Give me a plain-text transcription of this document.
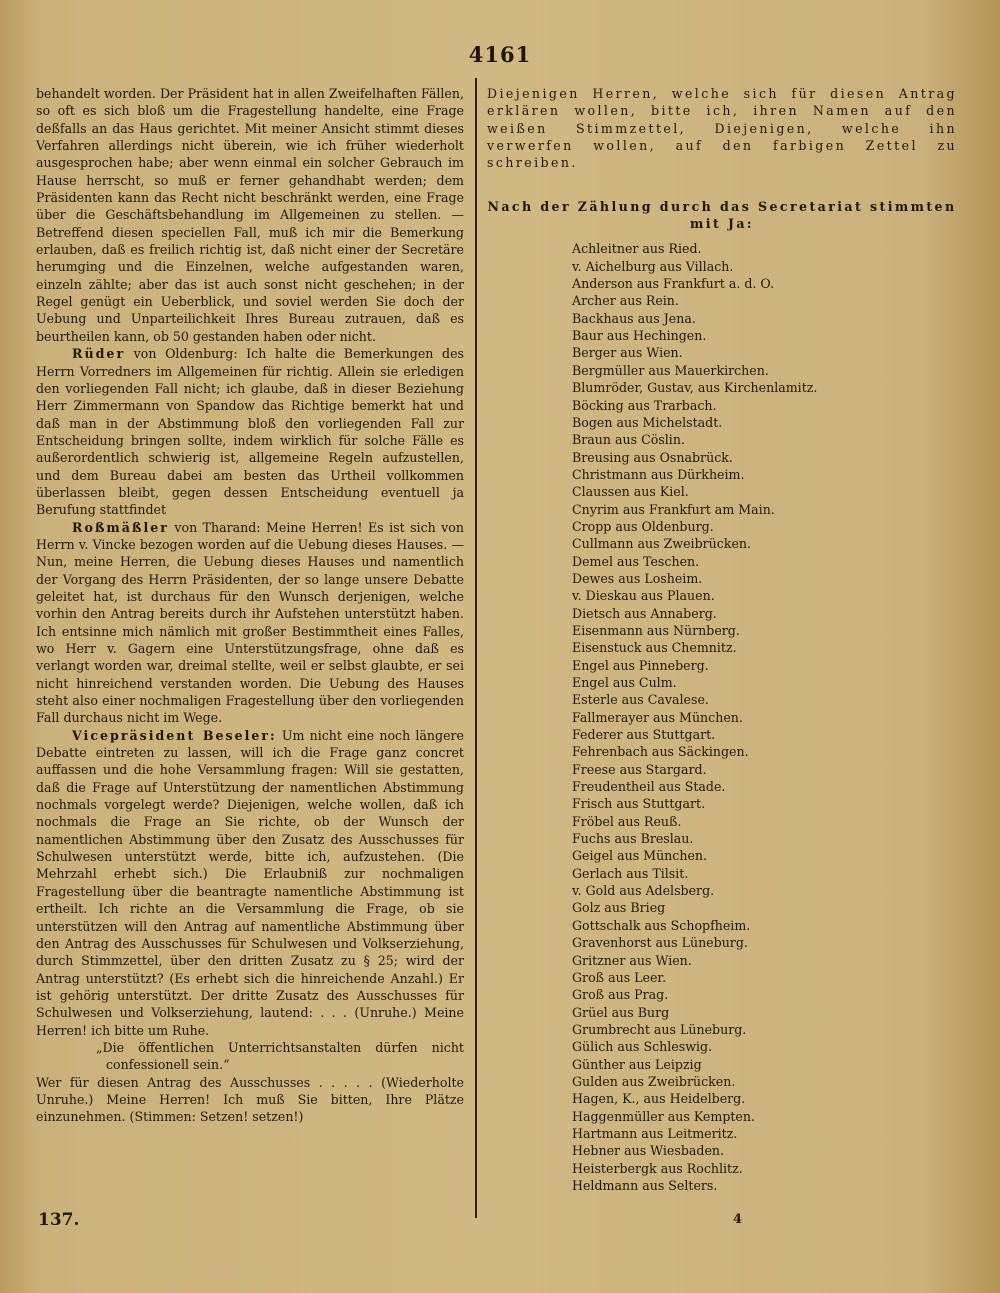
4161

behandelt worden. Der Präsident hat in allen Zweifelhaften Fällen, so oft es sich bloß um die Fragestellung handelte, eine Frage deßfalls an das Haus gerichtet. Mit meiner Ansicht stimmt dieses Verfahren allerdings nicht überein, wie ich früher wiederholt ausgesprochen habe; aber wenn einmal ein solcher Gebrauch im Hause herrscht, so muß er ferner gehandhabt werden; dem Präsidenten kann das Recht nicht beschränkt werden, eine Frage über die Geschäftsbehandlung im Allgemeinen zu stellen. — Betreffend diesen speciellen Fall, muß ich mir die Bemerkung erlauben, daß es freilich richtig ist, daß nicht einer der Secretäre herumging und die Einzelnen, welche aufgestanden waren, einzeln zählte; aber das ist auch sonst nicht geschehen; in der Regel genügt ein Ueberblick, und soviel werden Sie doch der Uebung und Unparteilichkeit Ihres Bureau zutrauen, daß es beurtheilen kann, ob 50 gestanden haben oder nicht.

Rüder von Oldenburg: Ich halte die Bemerkungen des Herrn Vorredners im Allgemeinen für richtig. Allein sie erledigen den vorliegenden Fall nicht; ich glaube, daß in dieser Beziehung Herr Zimmermann von Spandow das Richtige bemerkt hat und daß man in der Abstimmung bloß den vorliegenden Fall zur Entscheidung bringen sollte, indem wirklich für solche Fälle es außerordentlich schwierig ist, allgemeine Regeln aufzustellen, und dem Bureau dabei am besten das Urtheil vollkommen überlassen bleibt, gegen dessen Entscheidung eventuell ja Berufung stattfindet

Roßmäßler von Tharand: Meine Herren! Es ist sich von Herrn v. Vincke bezogen worden auf die Uebung dieses Hauses. — Nun, meine Herren, die Uebung dieses Hauses und namentlich der Vorgang des Herrn Präsidenten, der so lange unsere Debatte geleitet hat, ist durchaus für den Wunsch derjenigen, welche vorhin den Antrag bereits durch ihr Aufstehen unterstützt haben. Ich entsinne mich nämlich mit großer Bestimmtheit eines Falles, wo Herr v. Gagern eine Unterstützungsfrage, ohne daß es verlangt worden war, dreimal stellte, weil er selbst glaubte, er sei nicht hinreichend verstanden worden. Die Uebung des Hauses steht also einer nochmaligen Fragestellung über den vorliegenden Fall durchaus nicht im Wege.

Vicepräsident Beseler: Um nicht eine noch längere Debatte eintreten zu lassen, will ich die Frage ganz concret auffassen und die hohe Versammlung fragen: Will sie gestatten, daß die Frage auf Unterstützung der namentlichen Abstimmung nochmals vorgelegt werde? Diejenigen, welche wollen, daß ich nochmals die Frage an Sie richte, ob der Wunsch der namentlichen Abstimmung über den Zusatz des Ausschusses für Schulwesen unterstützt werde, bitte ich, aufzustehen. (Die Mehrzahl erhebt sich.) Die Erlaubniß zur nochmaligen Fragestellung über die beantragte namentliche Abstimmung ist ertheilt. Ich richte an die Versammlung die Frage, ob sie unterstützen will den Antrag auf namentliche Abstimmung über den Antrag des Ausschusses für Schulwesen und Volkserziehung, durch Stimmzettel, über den dritten Zusatz zu § 25; wird der Antrag unterstützt? (Es erhebt sich die hinreichende Anzahl.) Er ist gehörig unterstützt. Der dritte Zusatz des Ausschusses für Schulwesen und Volkserziehung, lautend: . . . (Unruhe.) Meine Herren! ich bitte um Ruhe.

„Die öffentlichen Unterrichtsanstalten dürfen nicht confessionell sein.“

Wer für diesen Antrag des Ausschusses . . . . . (Wiederholte Unruhe.) Meine Herren! Ich muß Sie bitten, Ihre Plätze einzunehmen. (Stimmen: Setzen! setzen!)

Diejenigen Herren, welche sich für diesen Antrag erklären wollen, bitte ich, ihren Namen auf den weißen Stimmzettel, Diejenigen, welche ihn verwerfen wollen, auf den farbigen Zettel zu schreiben.

Nach der Zählung durch das Secretariat stimmten mit Ja:

Achleitner aus Ried.
v. Aichelburg aus Villach.
Anderson aus Frankfurt a. d. O.
Archer aus Rein.
Backhaus aus Jena.
Baur aus Hechingen.
Berger aus Wien.
Bergmüller aus Mauerkirchen.
Blumröder, Gustav, aus Kirchenlamitz.
Böcking aus Trarbach.
Bogen aus Michelstadt.
Braun aus Cöslin.
Breusing aus Osnabrück.
Christmann aus Dürkheim.
Claussen aus Kiel.
Cnyrim aus Frankfurt am Main.
Cropp aus Oldenburg.
Cullmann aus Zweibrücken.
Demel aus Teschen.
Dewes aus Losheim.
v. Dieskau aus Plauen.
Dietsch aus Annaberg.
Eisenmann aus Nürnberg.
Eisenstuck aus Chemnitz.
Engel aus Pinneberg.
Engel aus Culm.
Esterle aus Cavalese.
Fallmerayer aus München.
Federer aus Stuttgart.
Fehrenbach aus Säckingen.
Freese aus Stargard.
Freudentheil aus Stade.
Frisch aus Stuttgart.
Fröbel aus Reuß.
Fuchs aus Breslau.
Geigel aus München.
Gerlach aus Tilsit.
v. Gold aus Adelsberg.
Golz aus Brieg
Gottschalk aus Schopfheim.
Gravenhorst aus Lüneburg.
Gritzner aus Wien.
Groß aus Leer.
Groß aus Prag.
Grüel aus Burg
Grumbrecht aus Lüneburg.
Gülich aus Schleswig.
Günther aus Leipzig
Gulden aus Zweibrücken.
Hagen, K., aus Heidelberg.
Haggenmüller aus Kempten.
Hartmann aus Leitmeritz.
Hebner aus Wiesbaden.
Heisterbergk aus Rochlitz.
Heldmann aus Selters.
137.	4
